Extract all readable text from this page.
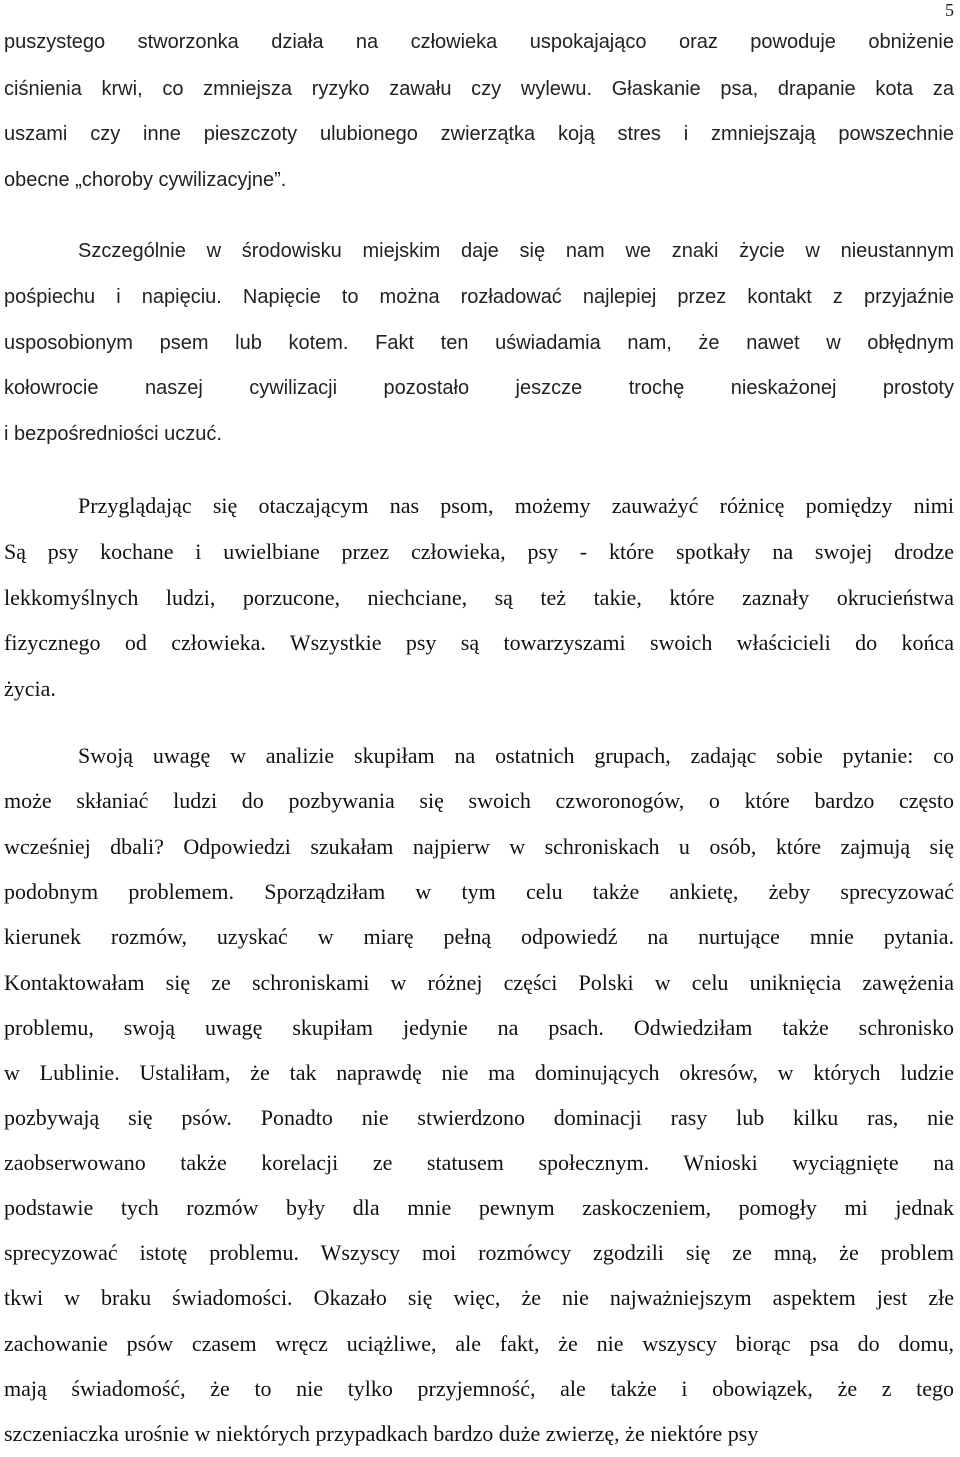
5
puszystego stworzonka działa na człowieka uspokajająco oraz powoduje obniżenie
ciśnienia krwi, co zmniejsza ryzyko zawału czy wylewu. Głaskanie psa, drapanie kota za
uszami czy inne pieszczoty ulubionego zwierzątka koją stres i zmniejszają powszechnie
obecne „choroby cywilizacyjne”.
Szczególnie w środowisku miejskim daje się nam we znaki życie w nieustannym
pośpiechu i napięciu. Napięcie to można rozładować najlepiej przez kontakt z przyjaźnie
usposobionym psem lub kotem. Fakt ten uświadamia nam, że nawet w obłędnym
kołowrocie naszej cywilizacji pozostało jeszcze trochę nieskażonej prostoty
i bezpośredniości uczuć.
Przyglądając się otaczającym nas psom, możemy zauważyć różnicę pomiędzy nimi
Są psy kochane i uwielbiane przez człowieka, psy - które spotkały na swojej drodze
lekkomyślnych ludzi, porzucone, niechciane, są też takie, które zaznały okrucieństwa
fizycznego od człowieka. Wszystkie psy są towarzyszami swoich właścicieli do końca
życia.
Swoją uwagę w analizie skupiłam na ostatnich grupach, zadając sobie pytanie: co
może skłaniać ludzi do pozbywania się swoich czworonogów, o które bardzo często
wcześniej dbali? Odpowiedzi szukałam najpierw w schroniskach u osób, które zajmują się
podobnym problemem. Sporządziłam w tym celu także ankietę, żeby sprecyzować
kierunek rozmów, uzyskać w miarę pełną odpowiedź na nurtujące mnie pytania.
Kontaktowałam się ze schroniskami w różnej części Polski w celu uniknięcia zawężenia
problemu, swoją uwagę skupiłam jedynie na psach. Odwiedziłam także schronisko
w Lublinie. Ustaliłam, że tak naprawdę nie ma dominujących okresów, w których ludzie
pozbywają się psów. Ponadto nie stwierdzono dominacji rasy lub kilku ras, nie
zaobserwowano także korelacji ze statusem społecznym. Wnioski wyciągnięte na
podstawie tych rozmów były dla mnie pewnym zaskoczeniem, pomogły mi jednak
sprecyzować istotę problemu. Wszyscy moi rozmówcy zgodzili się ze mną, że problem
tkwi w braku świadomości. Okazało się więc, że nie najważniejszym aspektem jest złe
zachowanie psów czasem wręcz uciążliwe, ale fakt, że nie wszyscy biorąc psa do domu,
mają świadomość, że to nie tylko przyjemność, ale także i obowiązek, że z tego
szczeniaczka urośnie w niektórych przypadkach bardzo duże zwierzę, że niektóre psy
